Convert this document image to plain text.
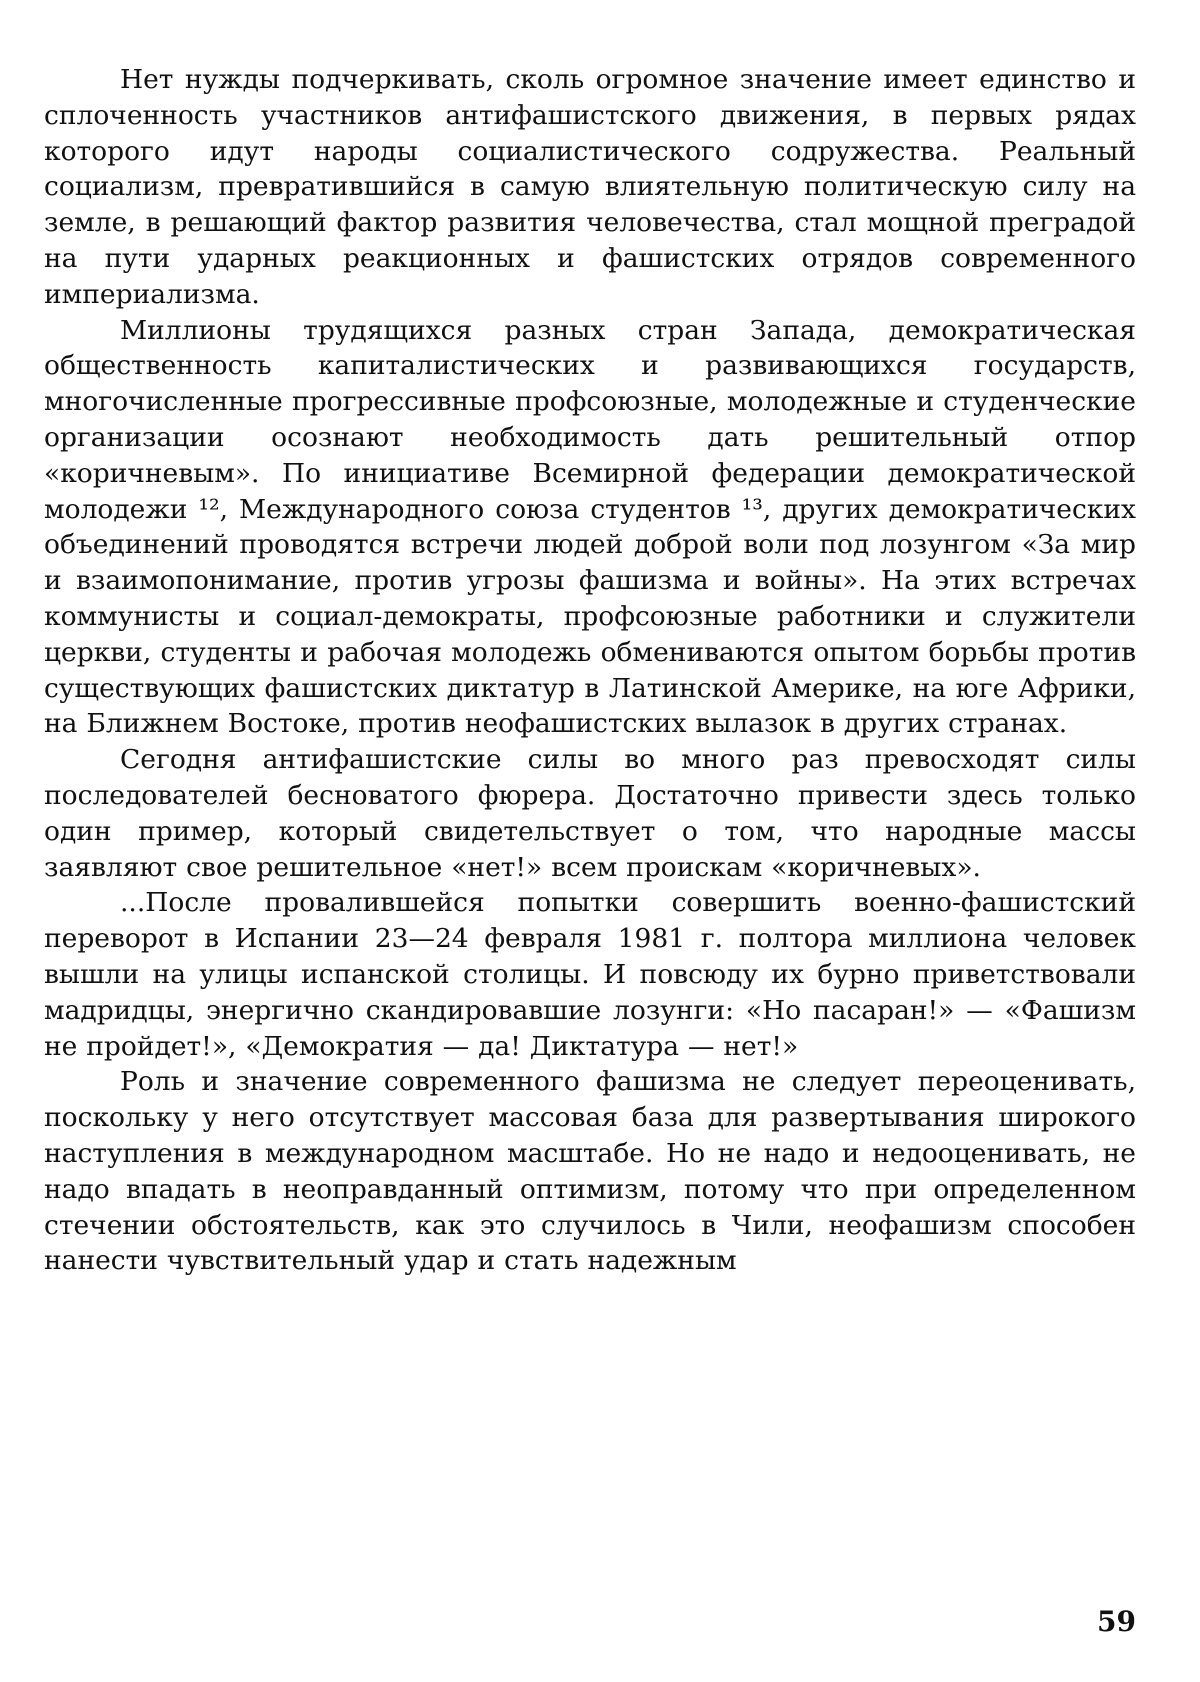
Нет нужды подчеркивать, сколь огромное значение имеет единство и сплоченность участников антифашистского движения, в первых рядах которого идут народы социалистического содружества. Реальный социализм, превратившийся в самую влиятельную политическую силу на земле, в решающий фактор развития человечества, стал мощной преградой на пути ударных реакционных и фашистских отрядов современного империализма.

Миллионы трудящихся разных стран Запада, демократическая общественность капиталистических и развивающихся государств, многочисленные прогрессивные профсоюзные, молодежные и студенческие организации осознают необходимость дать решительный отпор «коричневым». По инициативе Всемирной федерации демократической молодежи ¹², Международного союза студентов ¹³, других демократических объединений проводятся встречи людей доброй воли под лозунгом «За мир и взаимопонимание, против угрозы фашизма и войны». На этих встречах коммунисты и социал-демократы, профсоюзные работники и служители церкви, студенты и рабочая молодежь обмениваются опытом борьбы против существующих фашистских диктатур в Латинской Америке, на юге Африки, на Ближнем Востоке, против неофашистских вылазок в других странах.

Сегодня антифашистские силы во много раз превосходят силы последователей бесноватого фюрера. Достаточно привести здесь только один пример, который свидетельствует о том, что народные массы заявляют свое решительное «нет!» всем проискам «коричневых».

...После провалившейся попытки совершить военно-фашистский переворот в Испании 23—24 февраля 1981 г. полтора миллиона человек вышли на улицы испанской столицы. И повсюду их бурно приветствовали мадридцы, энергично скандировавшие лозунги: «Но пасаран!» — «Фашизм не пройдет!», «Демократия — да! Диктатура — нет!»

Роль и значение современного фашизма не следует переоценивать, поскольку у него отсутствует массовая база для развертывания широкого наступления в международном масштабе. Но не надо и недооценивать, не надо впадать в неоправданный оптимизм, потому что при определенном стечении обстоятельств, как это случилось в Чили, неофашизм способен нанести чувствительный удар и стать надежным

59
